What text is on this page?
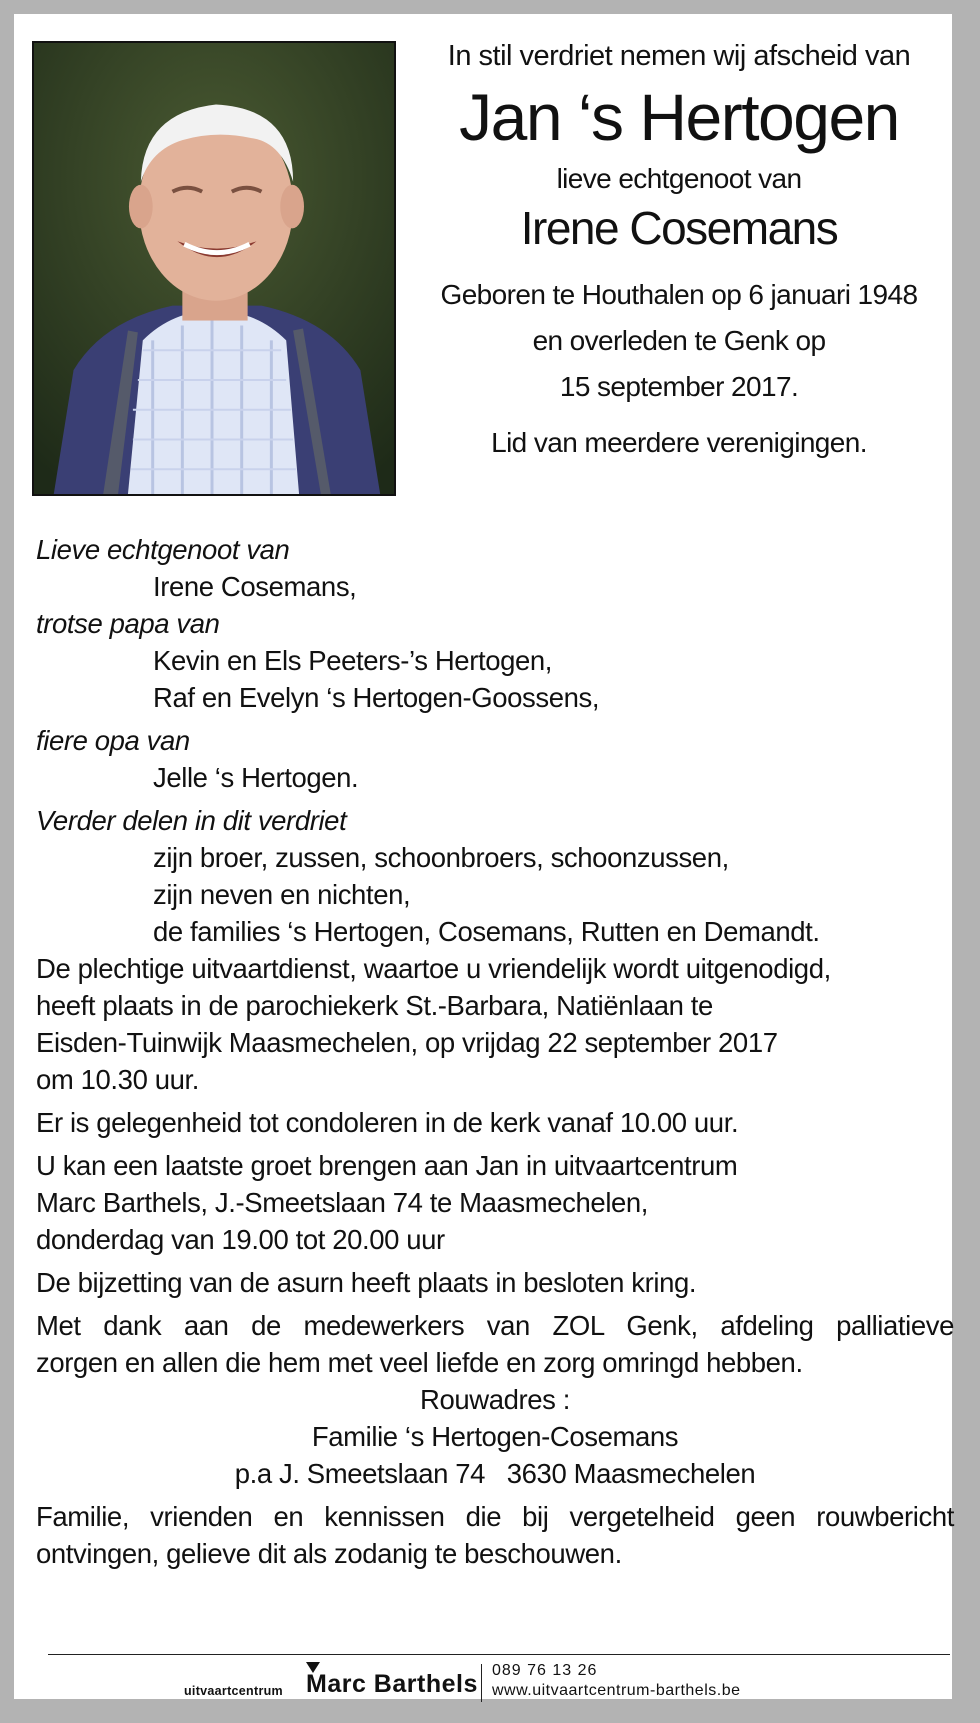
In stil verdriet nemen wij afscheid van
Jan ‘s Hertogen
lieve echtgenoot van
Irene Cosemans
Geboren te Houthalen op 6 januari 1948
en overleden te Genk op
15 september 2017.
Lid van meerdere verenigingen.
Lieve echtgenoot van
Irene Cosemans,
trotse papa van
Kevin en Els Peeters-’s Hertogen,
Raf en Evelyn ‘s Hertogen-Goossens,
fiere opa van
Jelle ‘s Hertogen.
Verder delen in dit verdriet
zijn broer, zussen, schoonbroers, schoonzussen,
zijn neven en nichten,
de families ‘s Hertogen, Cosemans, Rutten en Demandt.
De plechtige uitvaartdienst, waartoe u vriendelijk wordt uitgenodigd,
heeft plaats in de parochiekerk St.-Barbara, Natiënlaan te
Eisden-Tuinwijk Maasmechelen, op vrijdag 22 september 2017
om 10.30 uur.
Er is gelegenheid tot condoleren in de kerk vanaf 10.00 uur.
U kan een laatste groet brengen aan Jan in uitvaartcentrum
Marc Barthels, J.-Smeetslaan 74 te Maasmechelen,
donderdag van 19.00 tot 20.00 uur
De bijzetting van de asurn heeft plaats in besloten kring.
Met dank aan de medewerkers van ZOL Genk, afdeling palliatieve
zorgen en allen die hem met veel liefde en zorg omringd hebben.
Rouwadres :
Familie ‘s Hertogen-Cosemans
p.a J. Smeetslaan 74   3630 Maasmechelen
Familie, vrienden en kennissen die bij vergetelheid geen rouwbericht
ontvingen, gelieve dit als zodanig te beschouwen.
uitvaartcentrum Marc Barthels 089 76 13 26
www.uitvaartcentrum-barthels.be
